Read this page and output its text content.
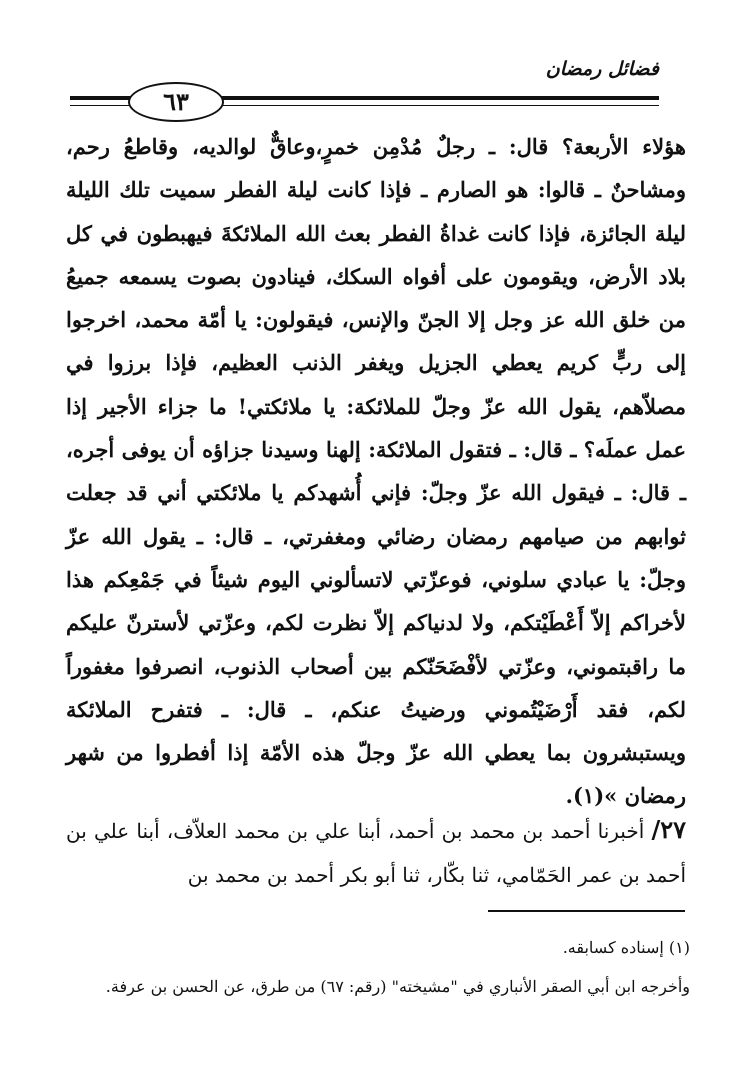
فضائل رمضان
٦٣

هؤلاء الأربعة؟ قال: ـ رجلٌ مُدْمِن خمرٍ،وعاقٌّ لوالديه، وقاطعُ رحم، ومشاحنٌ ـ قالوا: هو الصارم ـ فإذا كانت ليلة الفطر سميت تلك الليلة ليلة الجائزة، فإذا كانت غداةُ الفطر بعث الله الملائكةَ فيهبطون في كل بلاد الأرض، ويقومون على أفواه السكك، فينادون بصوت يسمعه جميعُ من خلق الله عز وجل إلا الجنّ والإنس، فيقولون: يا أمّة محمد، اخرجوا إلى ربٍّ كريم يعطي الجزيل ويغفر الذنب العظيم، فإذا برزوا في مصلاّهم، يقول الله عزّ وجلّ للملائكة: يا ملائكتي! ما جزاء الأجير إذا عمل عملَه؟ ـ قال: ـ فتقول الملائكة: إلهنا وسيدنا جزاؤه أن يوفى أجره، ـ قال: ـ فيقول الله عزّ وجلّ: فإني أُشهدكم يا ملائكتي أني قد جعلت ثوابهم من صيامهم رمضان رضائي ومغفرتي، ـ قال: ـ يقول الله عزّ وجلّ: يا عبادي سلوني، فوعزّتي لاتسألوني اليوم شيئاً في جَمْعِكم هذا لأخراكم إلاّ أَعْطَيْتكم، ولا لدنياكم إلاّ نظرت لكم، وعزّتي لأسترنّ عليكم ما راقبتموني، وعزّتي لأفْضَحَنّكم بين أصحاب الذنوب، انصرفوا مغفوراً لكم، فقد أَرْضَيْتُموني ورضيتُ عنكم، ـ قال: ـ فتفرح الملائكة ويستبشرون بما يعطي الله عزّ وجلّ هذه الأمّة إذا أفطروا من شهر رمضان »(١).

٢٧/ أخبرنا أحمد بن محمد بن أحمد، أبنا علي بن محمد العلاّف، أبنا علي بن أحمد بن عمر الحَمّامي، ثنا بكّار، ثنا أبو بكر أحمد بن محمد بن

(١) إسناده كسابقه.

وأخرجه ابن أبي الصقر الأنباري في "مشيخته" (رقم: ٦٧) من طرق، عن الحسن بن عرفة.
